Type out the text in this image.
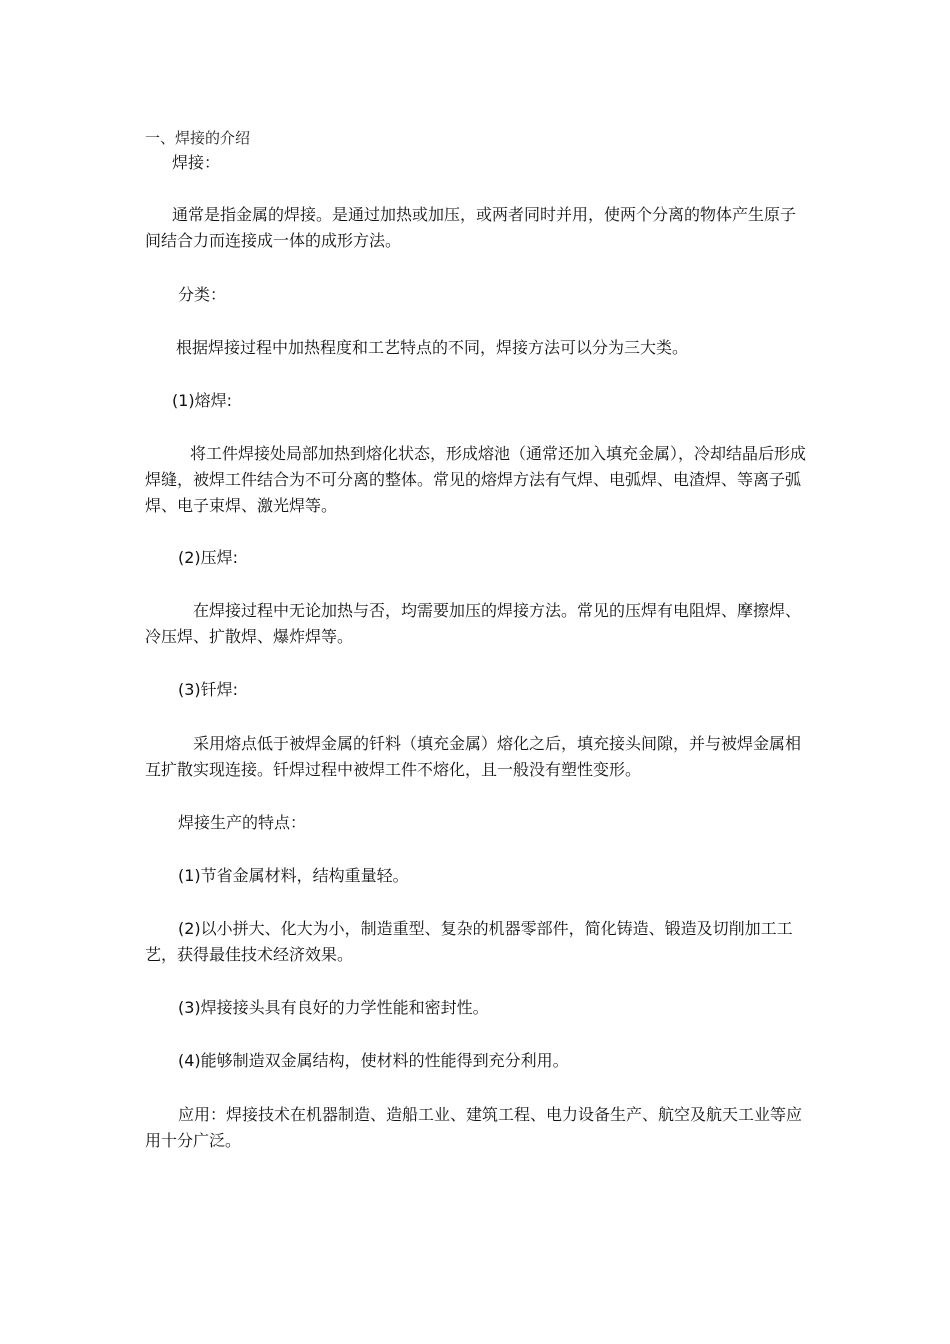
一、焊接的介绍
焊接：
通常是指金属的焊接。是通过加热或加压，或两者同时并用，使两个分离的物体产生原子间结合力而连接成一体的成形方法。
分类：
根据焊接过程中加热程度和工艺特点的不同，焊接方法可以分为三大类。
(1)熔焊:
将工件焊接处局部加热到熔化状态，形成熔池（通常还加入填充金属），冷却结晶后形成焊缝，被焊工件结合为不可分离的整体。常见的熔焊方法有气焊、电弧焊、电渣焊、等离子弧焊、电子束焊、激光焊等。
(2)压焊:
在焊接过程中无论加热与否，均需要加压的焊接方法。常见的压焊有电阻焊、摩擦焊、冷压焊、扩散焊、爆炸焊等。
(3)钎焊:
采用熔点低于被焊金属的钎料（填充金属）熔化之后，填充接头间隙，并与被焊金属相互扩散实现连接。钎焊过程中被焊工件不熔化，且一般没有塑性变形。
焊接生产的特点：
(1)节省金属材料，结构重量轻。
(2)以小拼大、化大为小，制造重型、复杂的机器零部件，简化铸造、锻造及切削加工工艺，获得最佳技术经济效果。
(3)焊接接头具有良好的力学性能和密封性。
(4)能够制造双金属结构，使材料的性能得到充分利用。
应用：焊接技术在机器制造、造船工业、建筑工程、电力设备生产、航空及航天工业等应用十分广泛。
